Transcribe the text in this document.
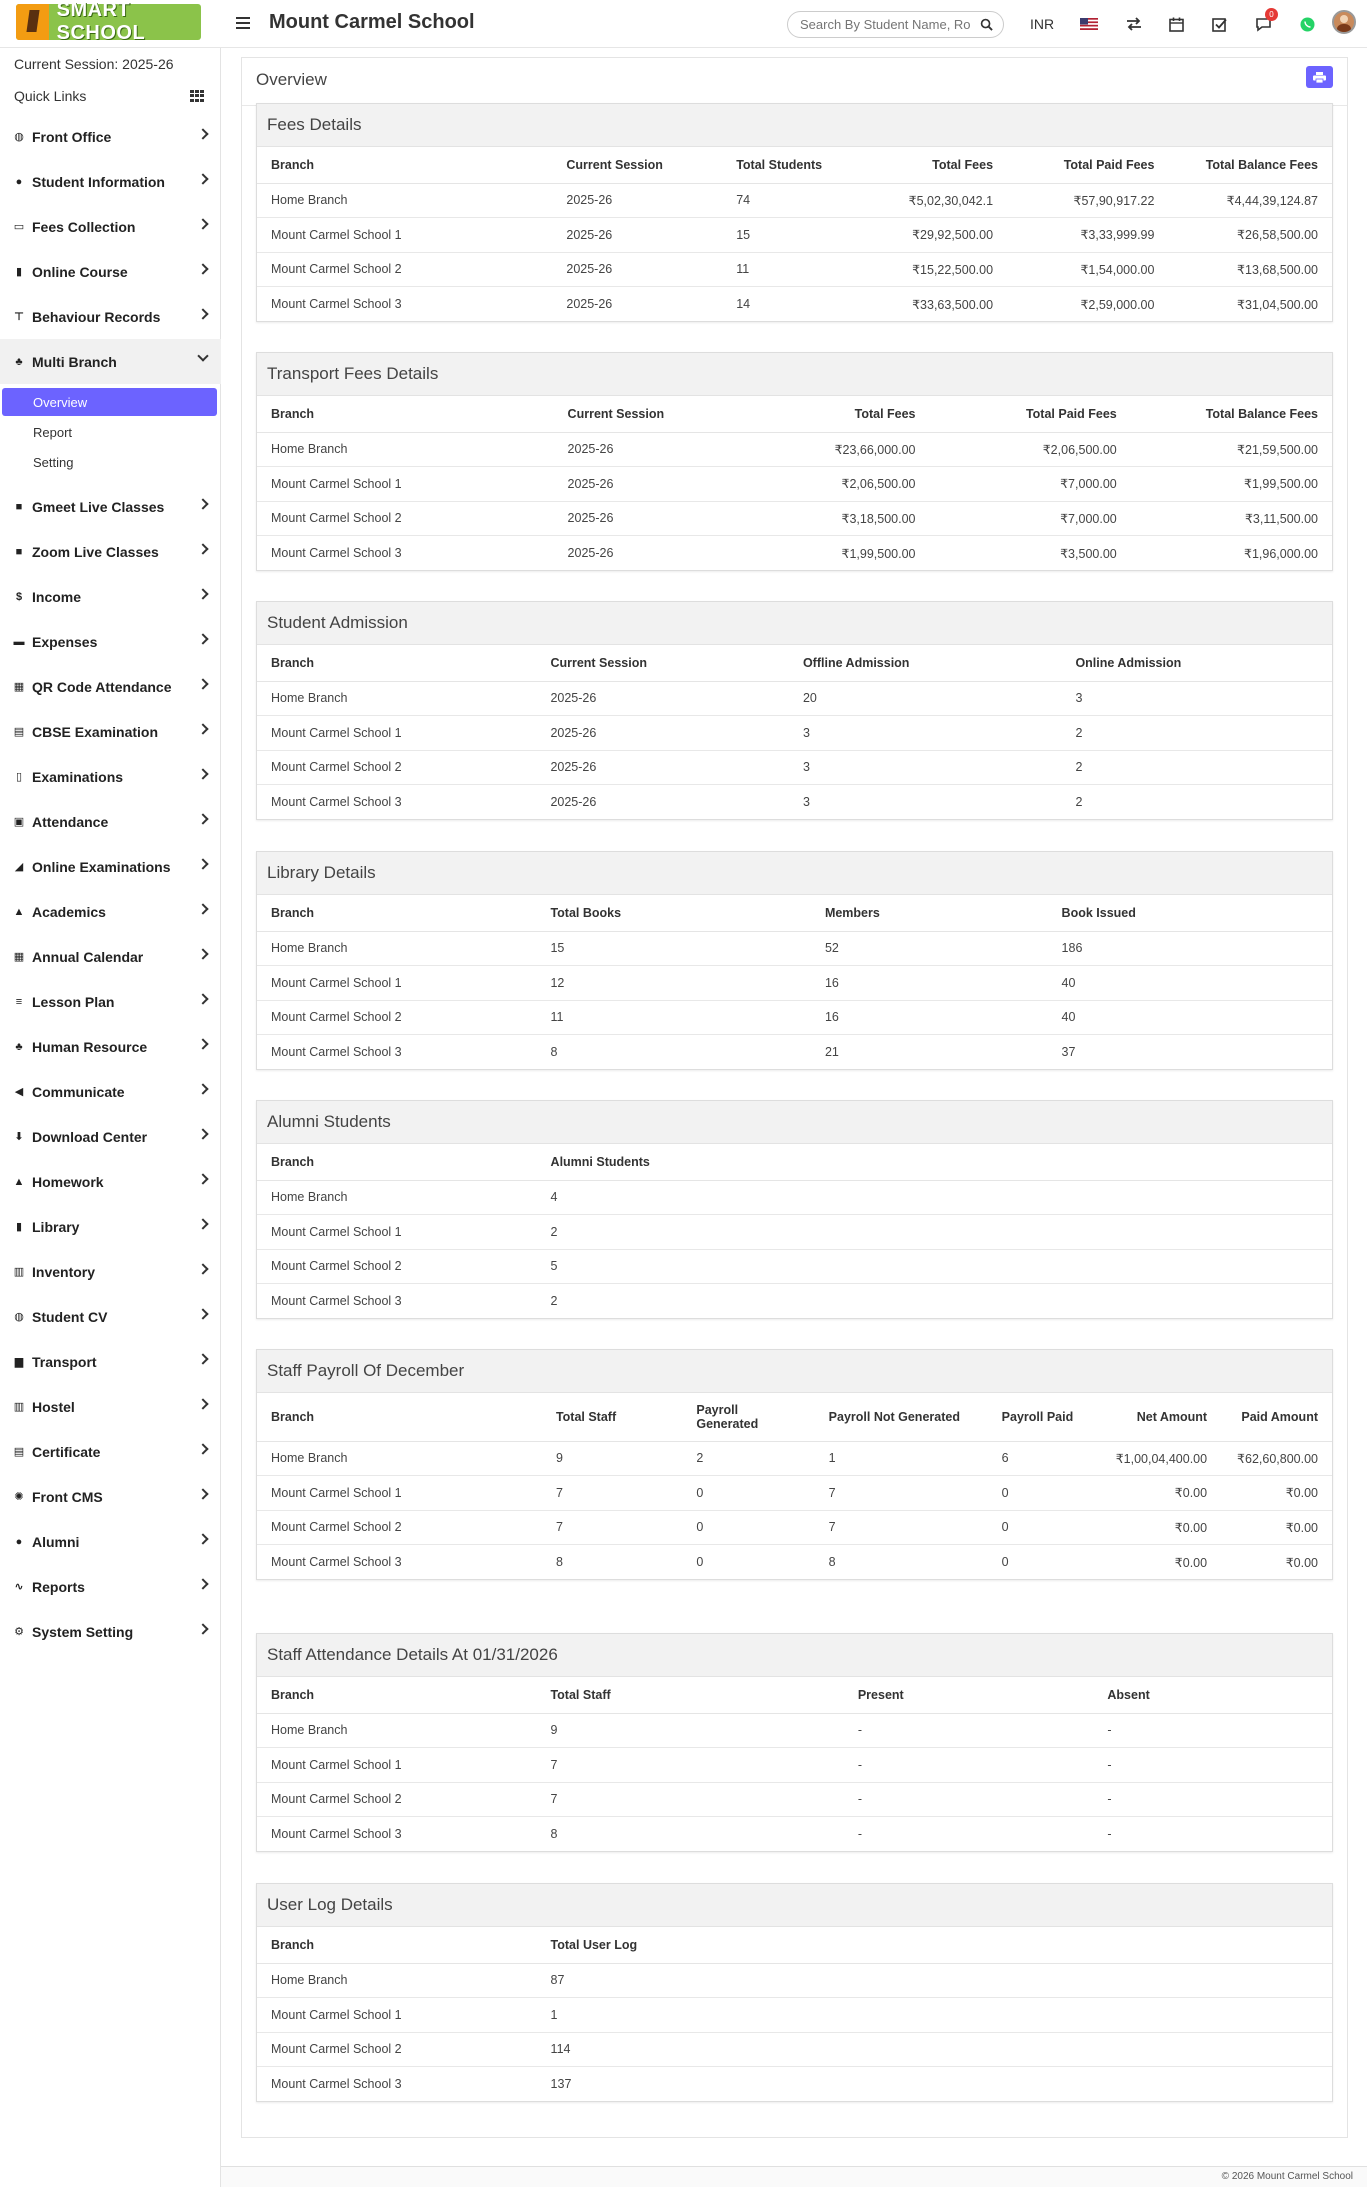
SMART SCHOOL	Mount Carmel School
Search By Student Name, Roll Number, Enroll Number, National Id, Local Id Etc.	INR
0
Current Session: 2025-26
Quick Links
◍ Front Office
● Student Information
▭ Fees Collection
▮ Online Course
⊤ Behaviour Records
♣ Multi Branch
Overview
Report
Setting
■ Gmeet Live Classes
■ Zoom Live Classes
$ Income
▬ Expenses
▦ QR Code Attendance
▤ CBSE Examination
▯ Examinations
▣ Attendance
◢ Online Examinations
▲ Academics
▦ Annual Calendar
≡ Lesson Plan
♣ Human Resource
◀ Communicate
⬇ Download Center
▲ Homework
▮ Library
▥ Inventory
◍ Student CV
▆ Transport
▥ Hostel
▤ Certificate
✺ Front CMS
● Alumni
∿ Reports
⚙ System Setting
Overview
Fees Details
Branch	Current Session	Total Students	Total Fees	Total Paid Fees	Total Balance Fees
Home Branch	2025-26	74	₹5,02,30,042.1	₹57,90,917.22	₹4,44,39,124.87
Mount Carmel School 1	2025-26	15	₹29,92,500.00	₹3,33,999.99	₹26,58,500.00
Mount Carmel School 2	2025-26	11	₹15,22,500.00	₹1,54,000.00	₹13,68,500.00
Mount Carmel School 3	2025-26	14	₹33,63,500.00	₹2,59,000.00	₹31,04,500.00
Transport Fees Details
Branch	Current Session	Total Fees	Total Paid Fees	Total Balance Fees
Home Branch	2025-26	₹23,66,000.00	₹2,06,500.00	₹21,59,500.00
Mount Carmel School 1	2025-26	₹2,06,500.00	₹7,000.00	₹1,99,500.00
Mount Carmel School 2	2025-26	₹3,18,500.00	₹7,000.00	₹3,11,500.00
Mount Carmel School 3	2025-26	₹1,99,500.00	₹3,500.00	₹1,96,000.00
Student Admission
Branch	Current Session	Offline Admission	Online Admission
Home Branch	2025-26	20	3
Mount Carmel School 1	2025-26	3	2
Mount Carmel School 2	2025-26	3	2
Mount Carmel School 3	2025-26	3	2
Library Details
Branch	Total Books	Members	Book Issued
Home Branch	15	52	186
Mount Carmel School 1	12	16	40
Mount Carmel School 2	11	16	40
Mount Carmel School 3	8	21	37
Alumni Students
Branch	Alumni Students
Home Branch	4
Mount Carmel School 1	2
Mount Carmel School 2	5
Mount Carmel School 3	2
Staff Payroll Of December
Branch	Total Staff	Payroll Generated	Payroll Not Generated	Payroll Paid	Net Amount	Paid Amount
Home Branch	9	2	1	6	₹1,00,04,400.00	₹62,60,800.00
Mount Carmel School 1	7	0	7	0	₹0.00	₹0.00
Mount Carmel School 2	7	0	7	0	₹0.00	₹0.00
Mount Carmel School 3	8	0	8	0	₹0.00	₹0.00
Staff Attendance Details At 01/31/2026
Branch	Total Staff	Present	Absent
Home Branch	9	-	-
Mount Carmel School 1	7	-	-
Mount Carmel School 2	7	-	-
Mount Carmel School 3	8	-	-
User Log Details
Branch	Total User Log
Home Branch	87
Mount Carmel School 1	1
Mount Carmel School 2	114
Mount Carmel School 3	137
© 2026 Mount Carmel School
